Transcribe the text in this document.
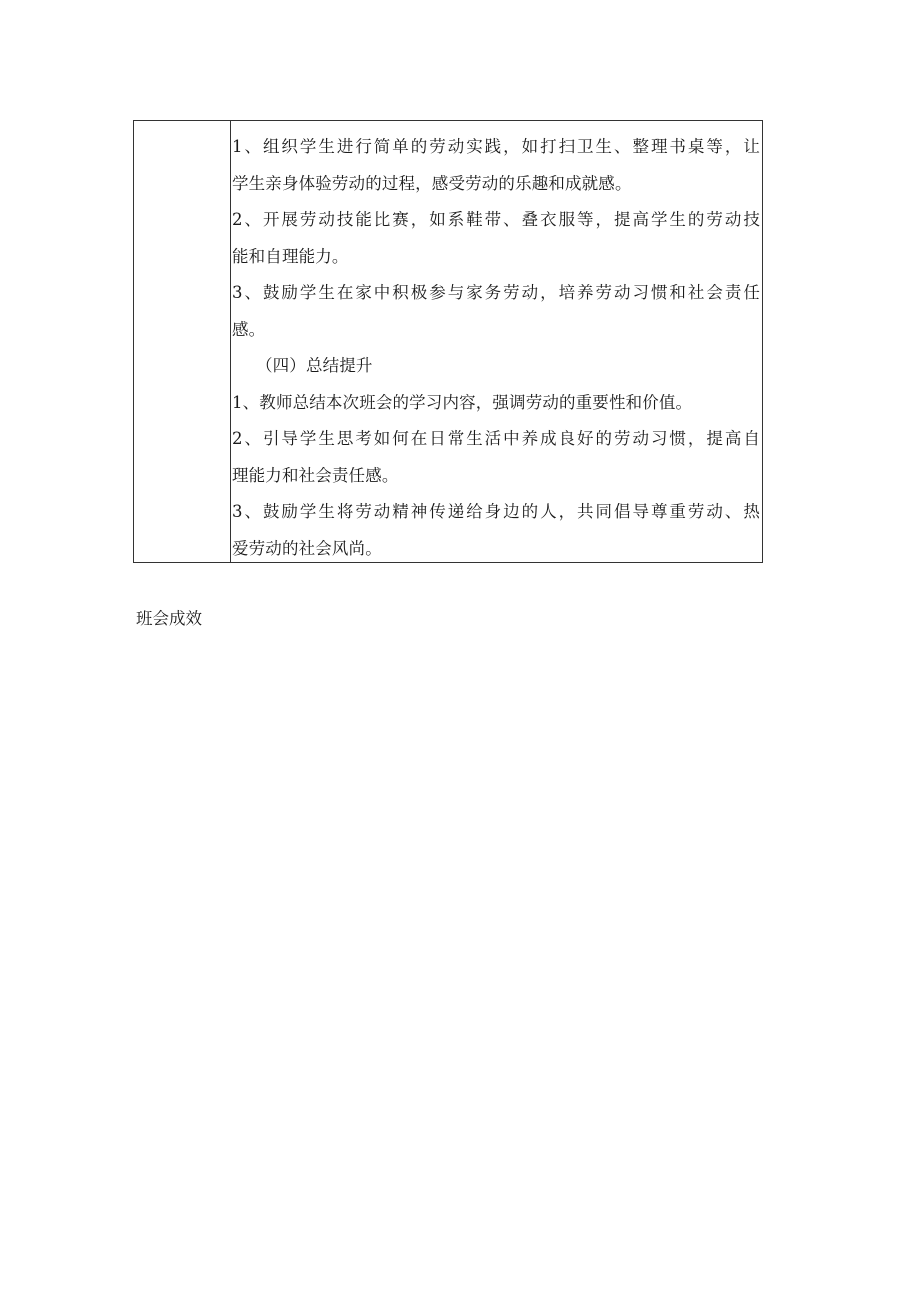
1、组织学生进行简单的劳动实践，如打扫卫生、整理书桌等，让
学生亲身体验劳动的过程，感受劳动的乐趣和成就感。
2、开展劳动技能比赛，如系鞋带、叠衣服等，提高学生的劳动技
能和自理能力。
3、鼓励学生在家中积极参与家务劳动，培养劳动习惯和社会责任
感。
（四）总结提升
1、教师总结本次班会的学习内容，强调劳动的重要性和价值。
2、引导学生思考如何在日常生活中养成良好的劳动习惯，提高自
理能力和社会责任感。
3、鼓励学生将劳动精神传递给身边的人，共同倡导尊重劳动、热
爱劳动的社会风尚。
班会成效
